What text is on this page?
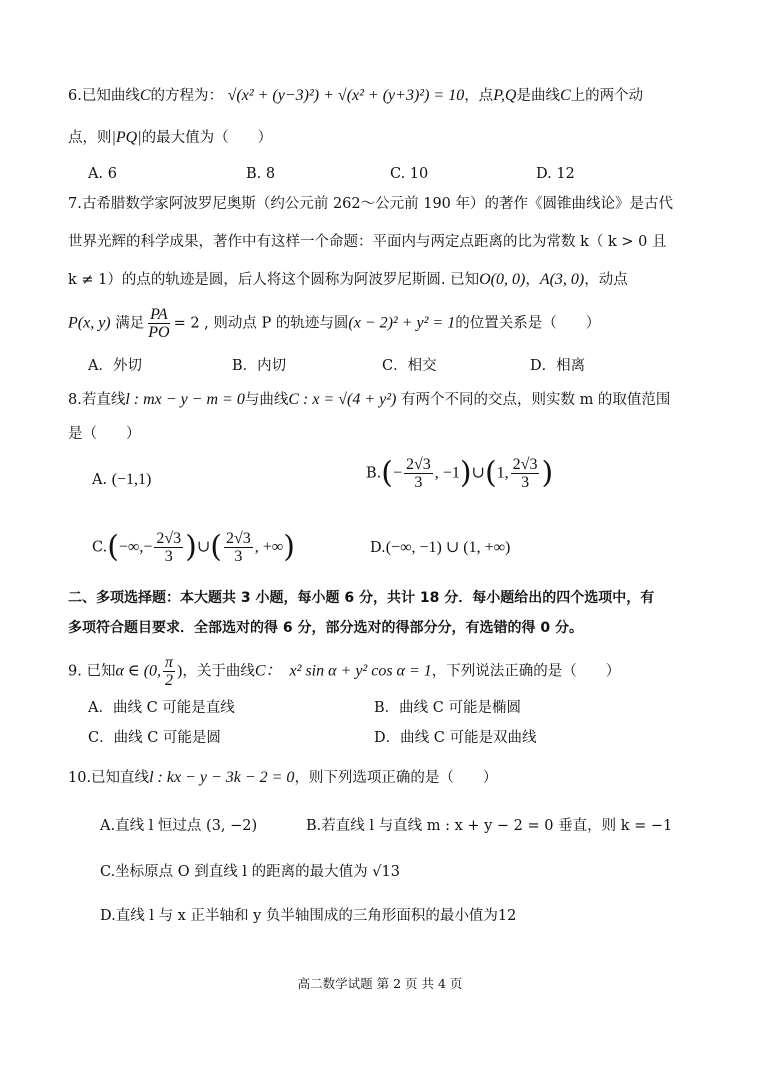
6.已知曲线C的方程为： √(x² + (y−3)²) + √(x² + (y+3)²) = 10，点P,Q是曲线C上的两个动
点，则|PQ|的最大值为（　　）
A. 6	B. 8	C. 10	D. 12
7.古希腊数学家阿波罗尼奥斯（约公元前 262～公元前 190 年）的著作《圆锥曲线论》是古代
世界光辉的科学成果，著作中有这样一个命题：平面内与两定点距离的比为常数 k（ k > 0 且
k ≠ 1）的点的轨迹是圆，后人将这个圆称为阿波罗尼斯圆. 已知O(0, 0)，A(3, 0)，动点
P(x, y) 满足 $\frac{PA}{PO} = 2$ , 则动点 P 的轨迹与圆(x − 2)² + y² = 1的位置关系是（　　）
A．外切	B．内切	C．相交	D．相离
8.若直线l : mx − y − m = 0与曲线C : x = √(4 + y²) 有两个不同的交点，则实数 m 的取值范围
是（　　）
A. (−1,1)	$B.(- \frac{2√3}{3}$ , −1)∪(1, $\frac{2√3}{3}$ )
$C.(-\infty,- \frac{2√3}{3}$ )∪( $\frac{2√3}{3}$ , +∞)	D.(−∞, −1) ∪ (1, +∞)
二、多项选择题：本大题共 3 小题，每小题 6 分，共计 18 分．每小题给出的四个选项中，有
多项符合题目要求．全部选对的得 6 分，部分选对的得部分分，有选错的得 0 分。
9. 已知α ∈ (0, $\frac{\pi}{2}$ )，关于曲线C：　x² sin α + y² cos α = 1，下列说法正确的是（　　）
A．曲线 C 可能是直线	B．曲线 C 可能是椭圆
C．曲线 C 可能是圆	D．曲线 C 可能是双曲线
10.已知直线l : kx − y − 3k − 2 = 0，则下列选项正确的是（　　）
A.直线 l 恒过点 (3, −2)	B.若直线 l 与直线 m : x + y − 2 = 0 垂直，则 k = −1
C.坐标原点 O 到直线 l 的距离的最大值为 √13
D.直线 l 与 x 正半轴和 y 负半轴围成的三角形面积的最小值为12
高二数学试题 第 2 页 共 4 页
